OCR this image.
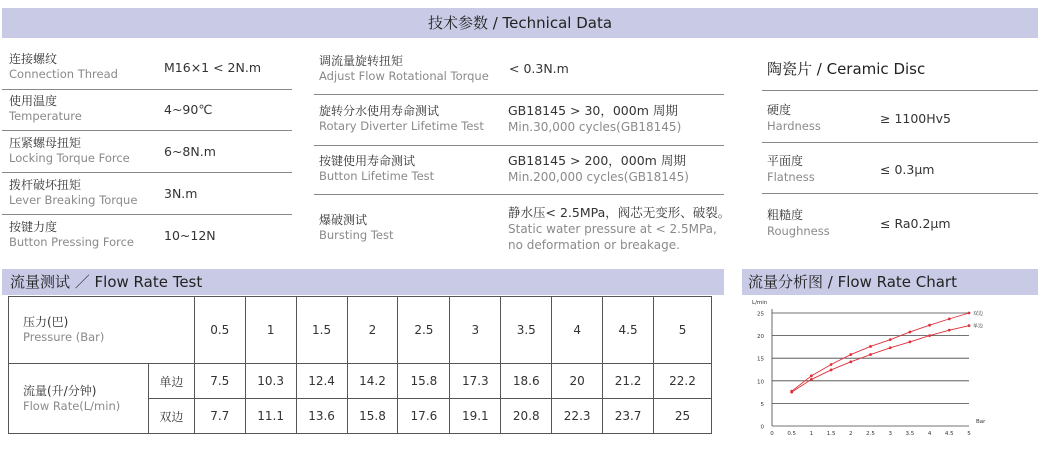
技术参数 / Technical Data
连接螺纹
Connection Thread	M16×1 < 2N.m
使用温度
Temperature	4~90℃
压紧螺母扭矩
Locking Torque Force	6~8N.m
拨杆破坏扭矩
Lever Breaking Torque 3N.m
按键力度
Button Pressing Force 10~12N
调流量旋转扭矩
Adjust Flow Rotational Torque < 0.3N.m
旋转分水使用寿命测试
Rotary Diverter Lifetime Test
GB18145 > 30，000m 周期
Min.30,000 cycles(GB18145)
按键使用寿命测试
Button Lifetime Test
GB18145 > 200，000m 周期
Min.200,000 cycles(GB18145)
爆破测试
Bursting Test
静水压< 2.5MPa，阀芯无变形、破裂。
Static water pressure at < 2.5MPa,
no deformation or breakage.
陶瓷片 / Ceramic Disc
硬度
Hardness	≥ 1100Hv5
平面度
Flatness	≤ 0.3μm
粗糙度
Roughness	≤ Ra0.2μm
流量测试 ／ Flow Rate Test	流量分析图 / Flow Rate Chart
压力(巴)
Pressure (Bar)		0.5	1	1.5	2	2.5	3	3.5	4	4.5	5

流量(升/分钟)
Flow Rate(L/min)	单边	7.5	10.3	12.4	14.2	15.8	17.3	18.6	20	21.2	22.2
	双边	7.7	11.1	13.6	15.8	17.6	19.1	20.8	22.3	23.7	25
0
5
10
15
20
25
L/min
0 0.5 1 1.5 2 2.5 3 3.5 4 4.5 5
Bar
双边
单边
